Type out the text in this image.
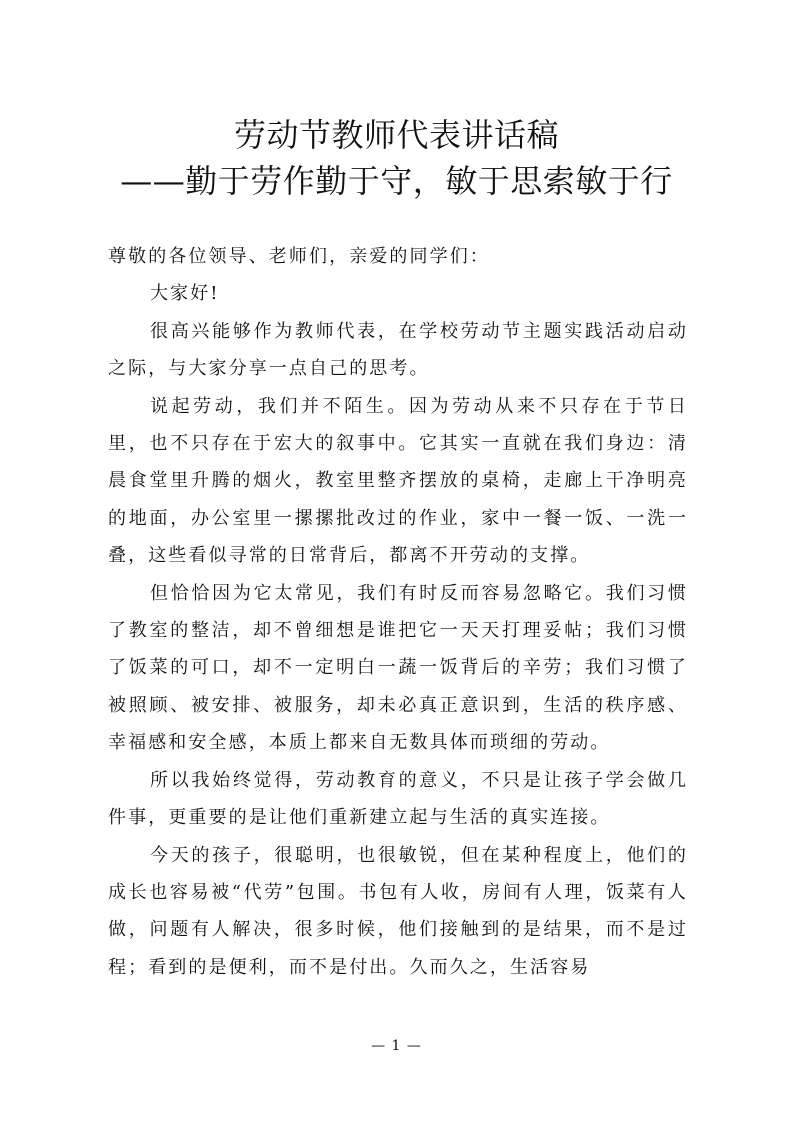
劳动节教师代表讲话稿
——勤于劳作勤于守，敏于思索敏于行

尊敬的各位领导、老师们，亲爱的同学们：

大家好!

很高兴能够作为教师代表，在学校劳动节主题实践活动启动之际，与大家分享一点自己的思考。

说起劳动，我们并不陌生。因为劳动从来不只存在于节日里，也不只存在于宏大的叙事中。它其实一直就在我们身边：清晨食堂里升腾的烟火，教室里整齐摆放的桌椅，走廊上干净明亮的地面，办公室里一摞摞批改过的作业，家中一餐一饭、一洗一叠，这些看似寻常的日常背后，都离不开劳动的支撑。

但恰恰因为它太常见，我们有时反而容易忽略它。我们习惯了教室的整洁，却不曾细想是谁把它一天天打理妥帖；我们习惯了饭菜的可口，却不一定明白一蔬一饭背后的辛劳；我们习惯了被照顾、被安排、被服务，却未必真正意识到，生活的秩序感、幸福感和安全感，本质上都来自无数具体而琐细的劳动。

所以我始终觉得，劳动教育的意义，不只是让孩子学会做几件事，更重要的是让他们重新建立起与生活的真实连接。

今天的孩子，很聪明，也很敏锐，但在某种程度上，他们的成长也容易被“代劳”包围。书包有人收，房间有人理，饭菜有人做，问题有人解决，很多时候，他们接触到的是结果，而不是过程；看到的是便利，而不是付出。久而久之，生活容易

— 1 —
